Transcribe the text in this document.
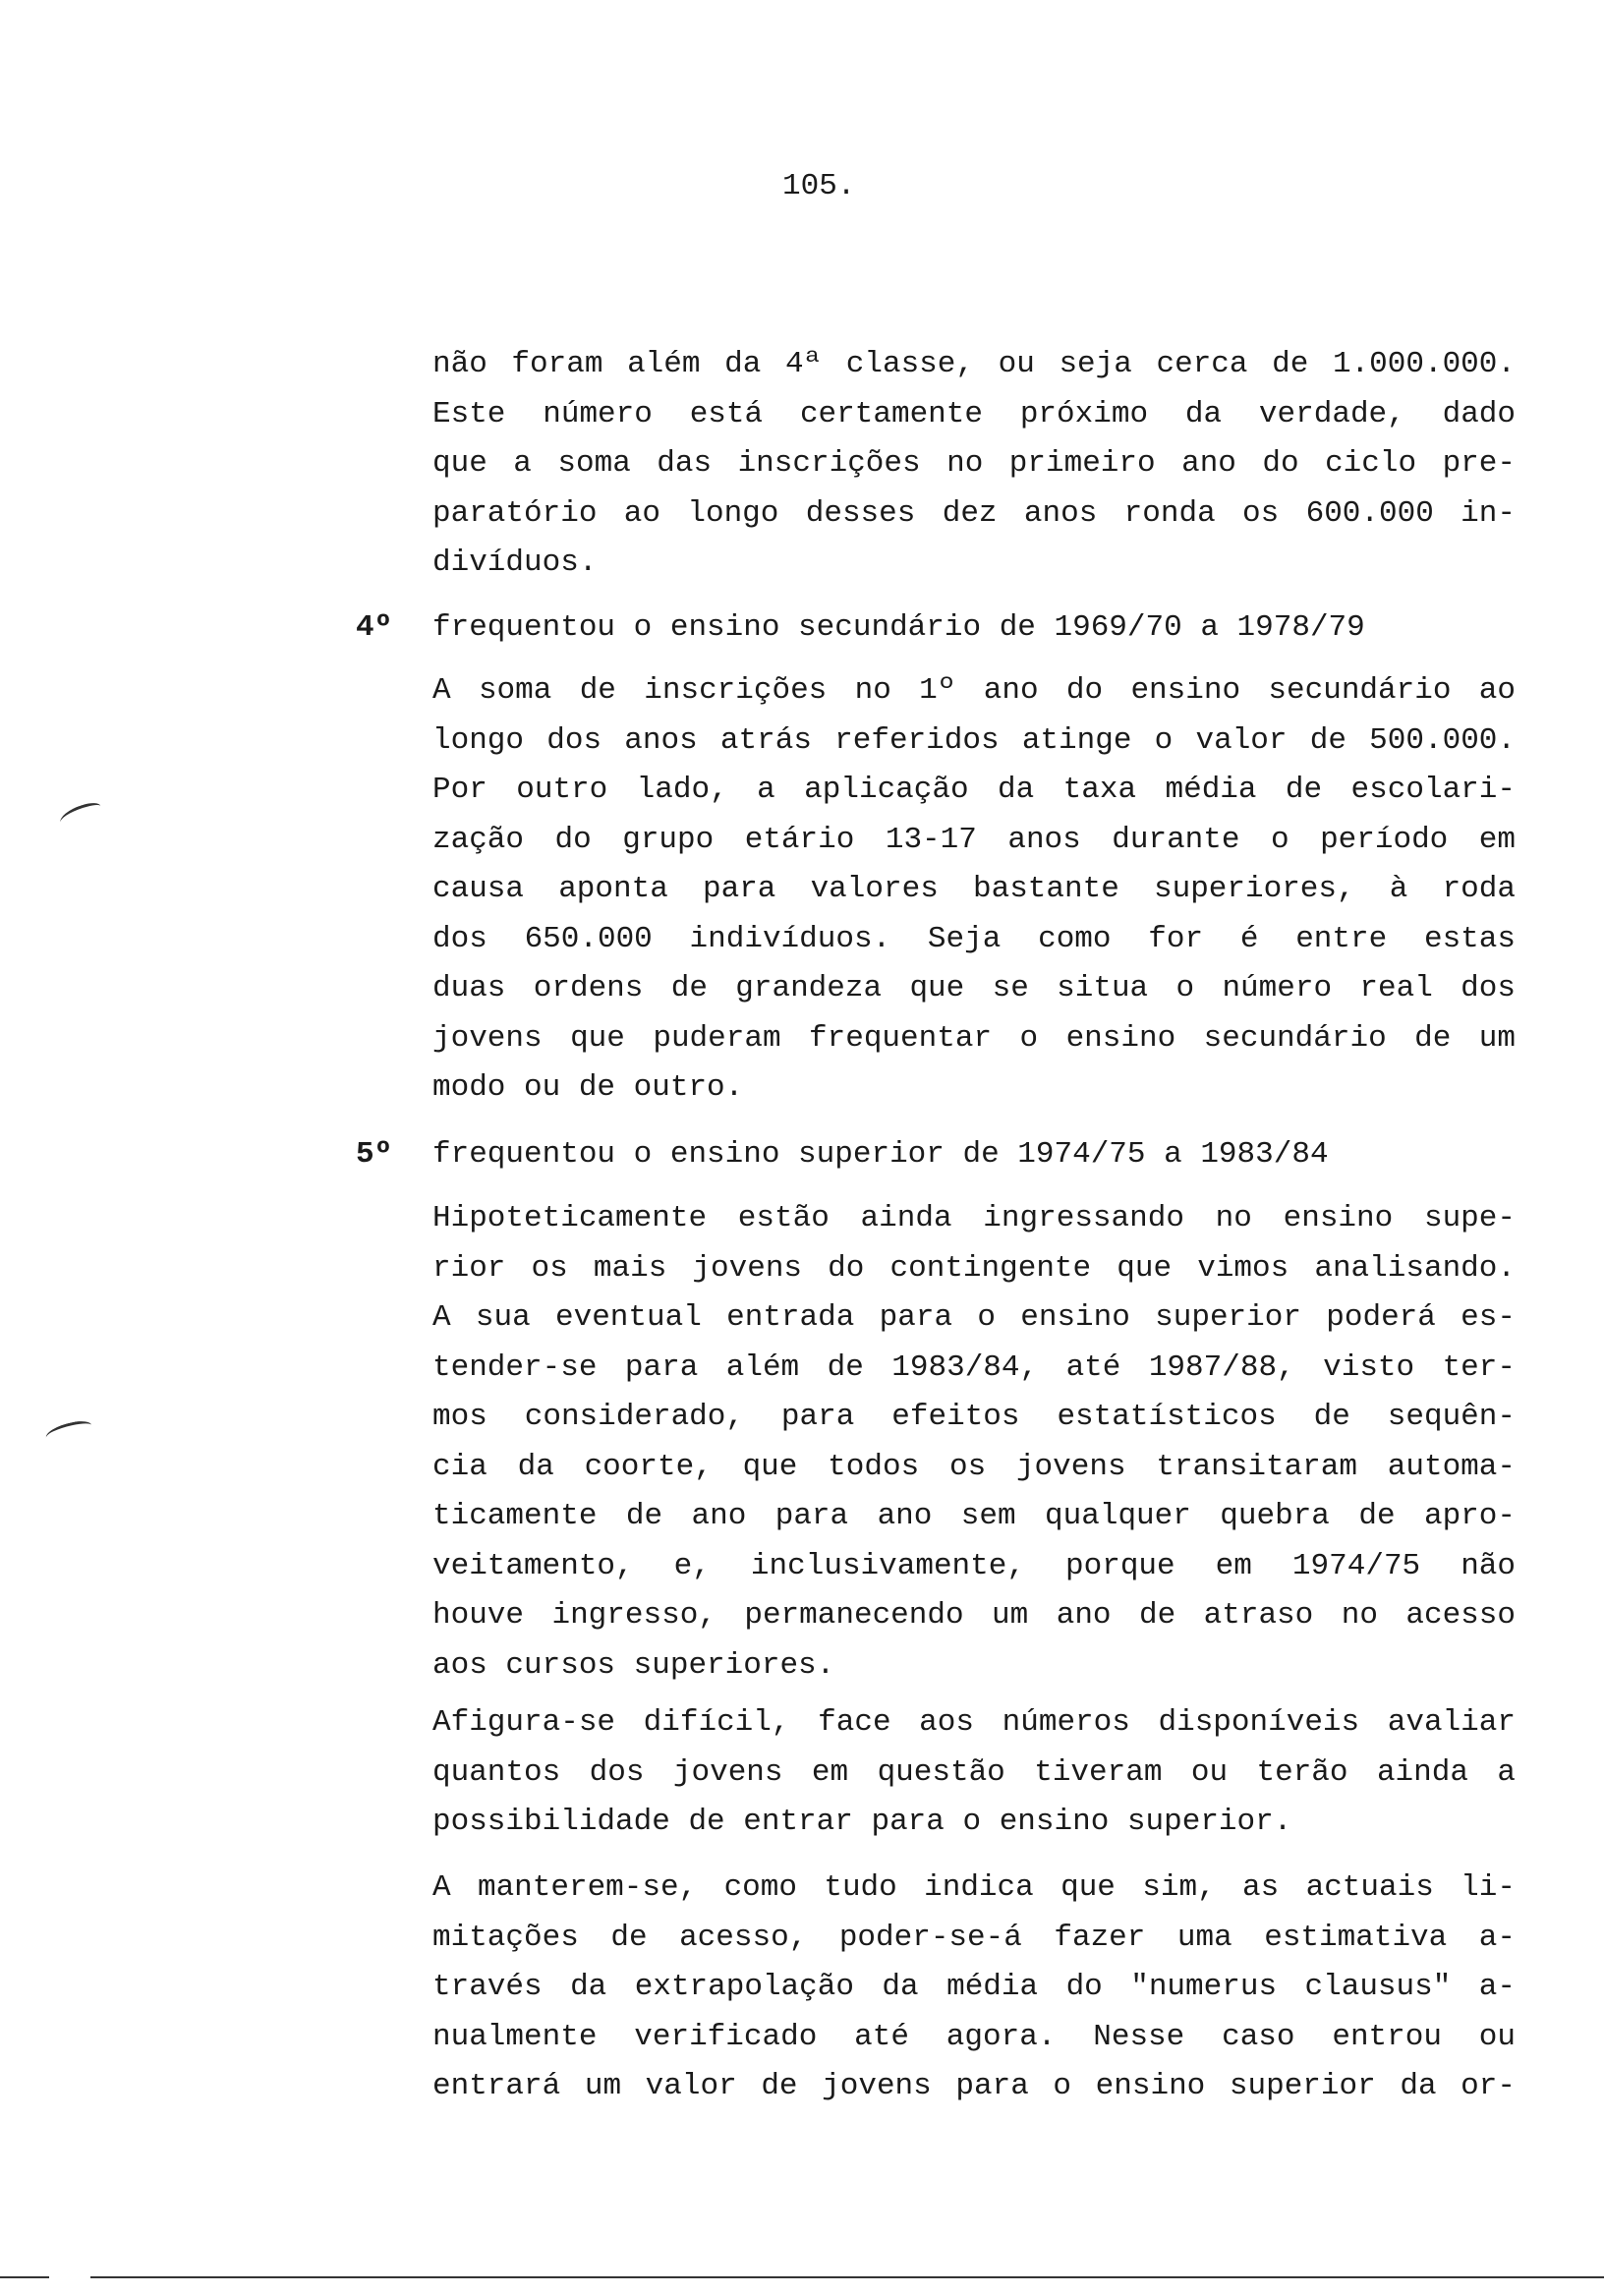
105.
não foram além da 4ª classe, ou seja cerca de 1.000.000.
Este número está certamente próximo da verdade, dado
que a soma das inscrições no primeiro ano do ciclo pre-
paratório ao longo desses dez anos ronda os 600.000 in-
divíduos.
4º frequentou o ensino secundário de 1969/70 a 1978/79
A soma de inscrições no 1º ano do ensino secundário ao
longo dos anos atrás referidos atinge o valor de 500.000.
Por outro lado, a aplicação da taxa média de escolari-
zação do grupo etário 13-17 anos durante o período em
causa aponta para valores bastante superiores, à roda
dos 650.000 indivíduos. Seja como for é entre estas
duas ordens de grandeza que se situa o número real dos
jovens que puderam frequentar o ensino secundário de um
modo ou de outro.
5º frequentou o ensino superior de 1974/75 a 1983/84
Hipoteticamente estão ainda ingressando no ensino supe-
rior os mais jovens do contingente que vimos analisando.
A sua eventual entrada para o ensino superior poderá es-
tender-se para além de 1983/84, até 1987/88, visto ter-
mos considerado, para efeitos estatísticos de sequên-
cia da coorte, que todos os jovens transitaram automa-
ticamente de ano para ano sem qualquer quebra de apro-
veitamento, e, inclusivamente, porque em 1974/75 não
houve ingresso, permanecendo um ano de atraso no acesso
aos cursos superiores.
Afigura-se difícil, face aos números disponíveis avaliar
quantos dos jovens em questão tiveram ou terão ainda a
possibilidade de entrar para o ensino superior.
A manterem-se, como tudo indica que sim, as actuais li-
mitações de acesso, poder-se-á fazer uma estimativa a-
través da extrapolação da média do "numerus clausus" a-
nualmente verificado até agora. Nesse caso entrou ou
entrará um valor de jovens para o ensino superior da or-
